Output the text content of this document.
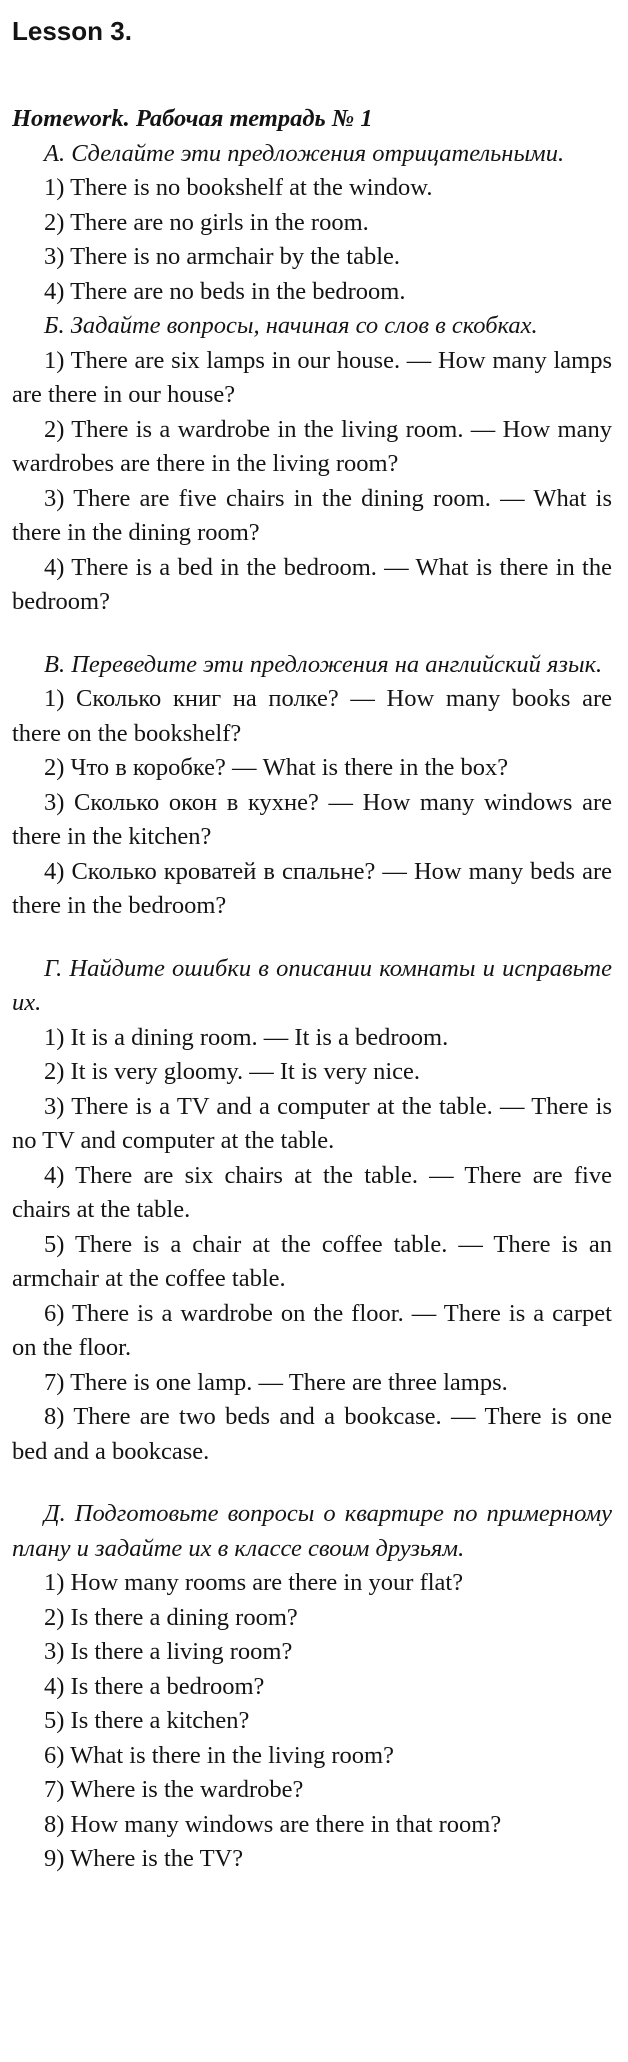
Lesson 3.

Homework. Рабочая тетрадь № 1

А. Сделайте эти предложения отрицательными.

1) There is no bookshelf at the window.

2) There are no girls in the room.

3) There is no armchair by the table.

4) There are no beds in the bedroom.

Б. Задайте вопросы, начиная со слов в скобках.

1) There are six lamps in our house. — How many lamps are there in our house?

2) There is a wardrobe in the living room. — How many wardrobes are there in the living room?

3) There are five chairs in the dining room. — What is there in the dining room?

4) There is a bed in the bedroom. — What is there in the bedroom?

В. Переведите эти предложения на английский язык.

1) Сколько книг на полке? — How many books are there on the bookshelf?

2) Что в коробке? — What is there in the box?

3) Сколько окон в кухне? — How many windows are there in the kitchen?

4) Сколько кроватей в спальне? — How many beds are there in the bedroom?

Г. Найдите ошибки в описании комнаты и исправьте их.

1) It is a dining room. — It is a bedroom.

2) It is very gloomy. — It is very nice.

3) There is a TV and a computer at the table. — There is no TV and computer at the table.

4) There are six chairs at the table. — There are five chairs at the table.

5) There is a chair at the coffee table. — There is an armchair at the coffee table.

6) There is a wardrobe on the floor. — There is a carpet on the floor.

7) There is one lamp. — There are three lamps.

8) There are two beds and a bookcase. — There is one bed and a bookcase.

Д. Подготовьте вопросы о квартире по примерному плану и задайте их в классе своим друзьям.

1) How many rooms are there in your flat?

2) Is there a dining room?

3) Is there a living room?

4) Is there a bedroom?

5) Is there a kitchen?

6) What is there in the living room?

7) Where is the wardrobe?

8) How many windows are there in that room?

9) Where is the TV?
